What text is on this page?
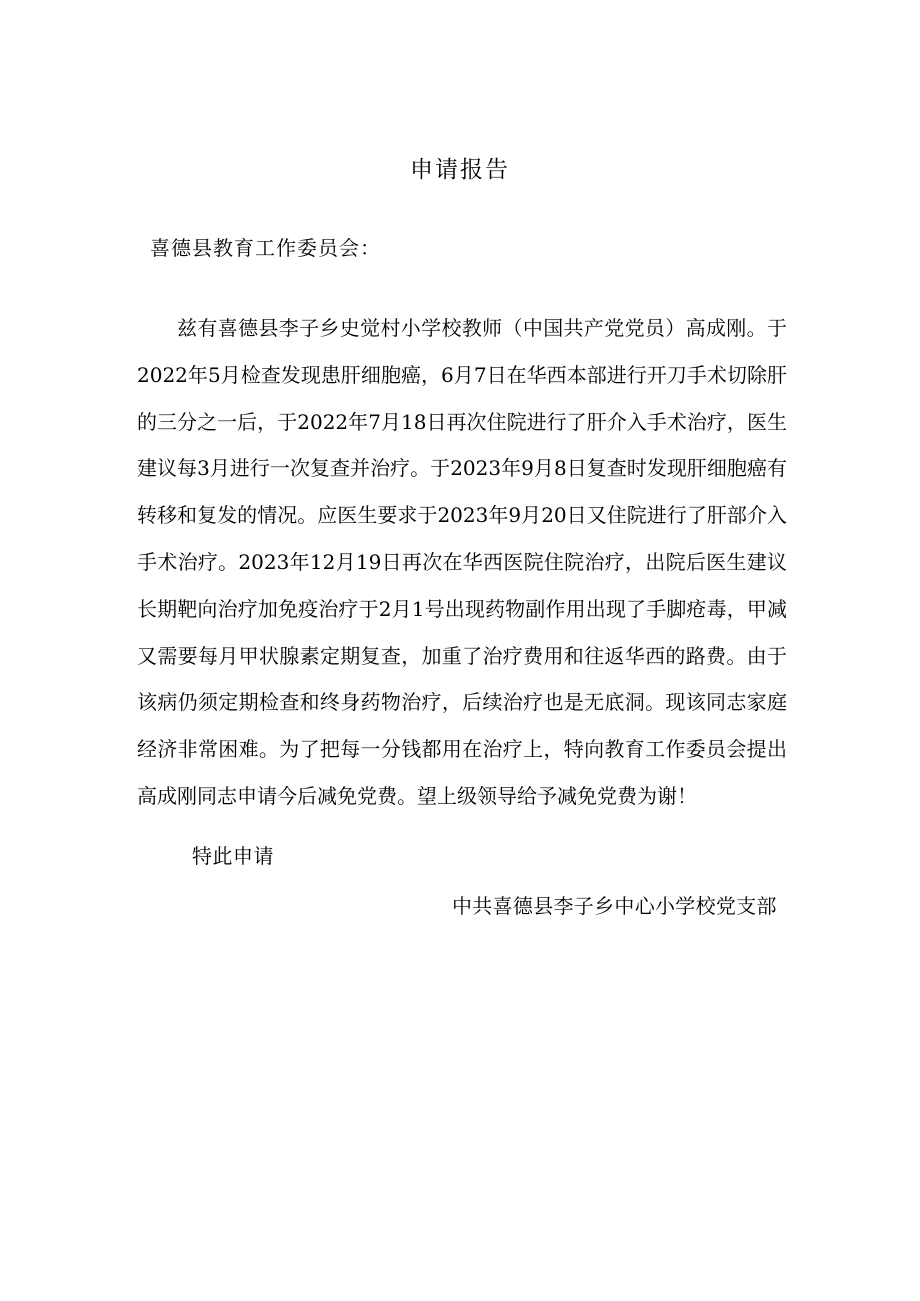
申请报告
喜德县教育工作委员会：

兹有喜德县李子乡史觉村小学校教师（中国共产党党员）高成刚。于2022年5月检查发现患肝细胞癌，6月7日在华西本部进行开刀手术切除肝的三分之一后，于2022年7月18日再次住院进行了肝介入手术治疗，医生建议每3月进行一次复查并治疗。于2023年9月8日复查时发现肝细胞癌有转移和复发的情况。应医生要求于2023年9月20日又住院进行了肝部介入手术治疗。2023年12月19日再次在华西医院住院治疗，出院后医生建议长期靶向治疗加免疫治疗于2月1号出现药物副作用出现了手脚疮毒，甲减又需要每月甲状腺素定期复查，加重了治疗费用和往返华西的路费。由于该病仍须定期检查和终身药物治疗，后续治疗也是无底洞。现该同志家庭经济非常困难。为了把每一分钱都用在治疗上，特向教育工作委员会提出高成刚同志申请今后减免党费。望上级领导给予减免党费为谢！

特此申请
中共喜德县李子乡中心小学校党支部
